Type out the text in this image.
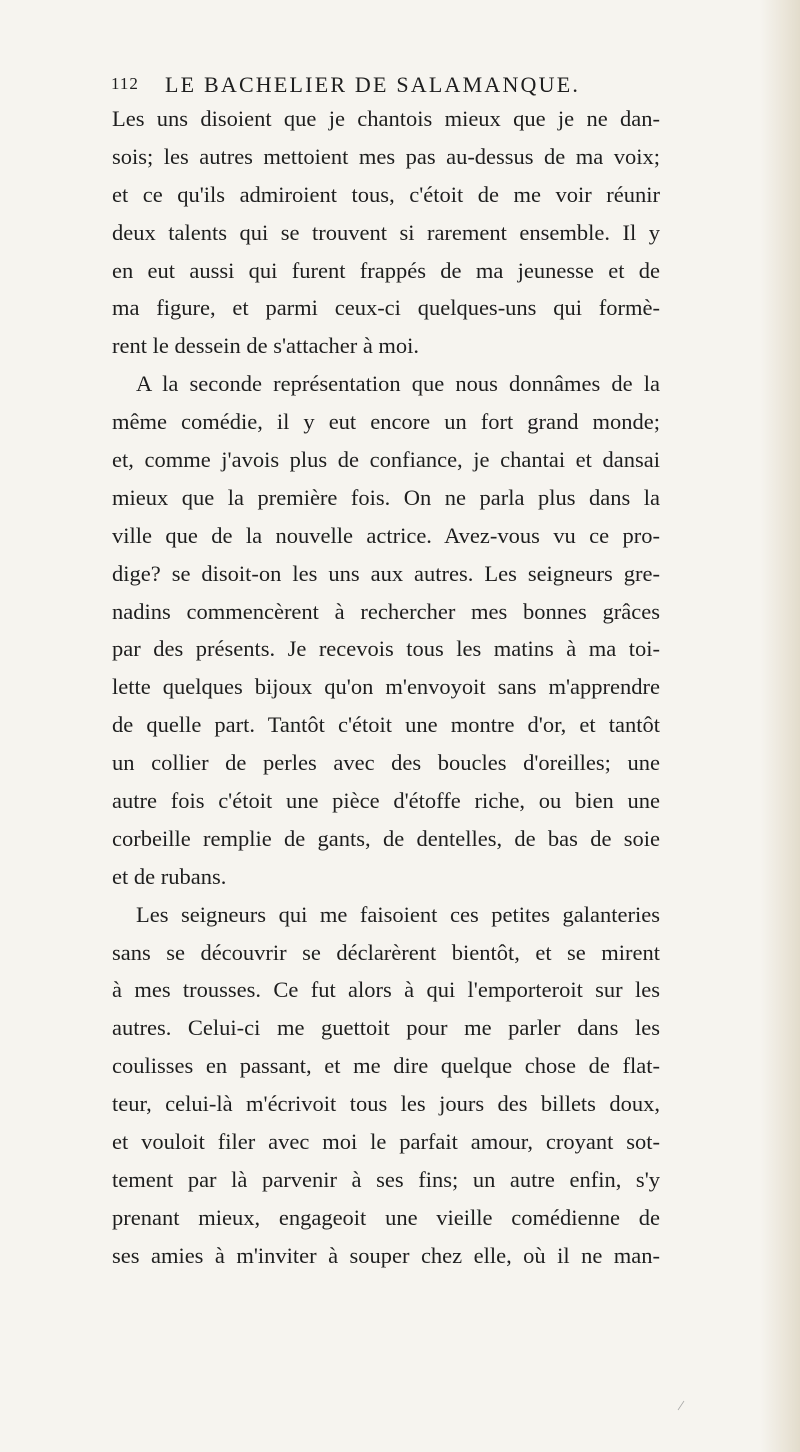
112 LE BACHELIER DE SALAMANQUE.
Les uns disoient que je chantois mieux que je ne dan-
sois; les autres mettoient mes pas au-dessus de ma voix;
et ce qu'ils admiroient tous, c'étoit de me voir réunir
deux talents qui se trouvent si rarement ensemble. Il y
en eut aussi qui furent frappés de ma jeunesse et de
ma figure, et parmi ceux-ci quelques-uns qui formè-
rent le dessein de s'attacher à moi.
A la seconde représentation que nous donnâmes de la
même comédie, il y eut encore un fort grand monde;
et, comme j'avois plus de confiance, je chantai et dansai
mieux que la première fois. On ne parla plus dans la
ville que de la nouvelle actrice. Avez-vous vu ce pro-
dige? se disoit-on les uns aux autres. Les seigneurs gre-
nadins commencèrent à rechercher mes bonnes grâces
par des présents. Je recevois tous les matins à ma toi-
lette quelques bijoux qu'on m'envoyoit sans m'apprendre
de quelle part. Tantôt c'étoit une montre d'or, et tantôt
un collier de perles avec des boucles d'oreilles; une
autre fois c'étoit une pièce d'étoffe riche, ou bien une
corbeille remplie de gants, de dentelles, de bas de soie
et de rubans.
Les seigneurs qui me faisoient ces petites galanteries
sans se découvrir se déclarèrent bientôt, et se mirent
à mes trousses. Ce fut alors à qui l'emporteroit sur les
autres. Celui-ci me guettoit pour me parler dans les
coulisses en passant, et me dire quelque chose de flat-
teur, celui-là m'écrivoit tous les jours des billets doux,
et vouloit filer avec moi le parfait amour, croyant sot-
tement par là parvenir à ses fins; un autre enfin, s'y
prenant mieux, engageoit une vieille comédienne de
ses amies à m'inviter à souper chez elle, où il ne man-
